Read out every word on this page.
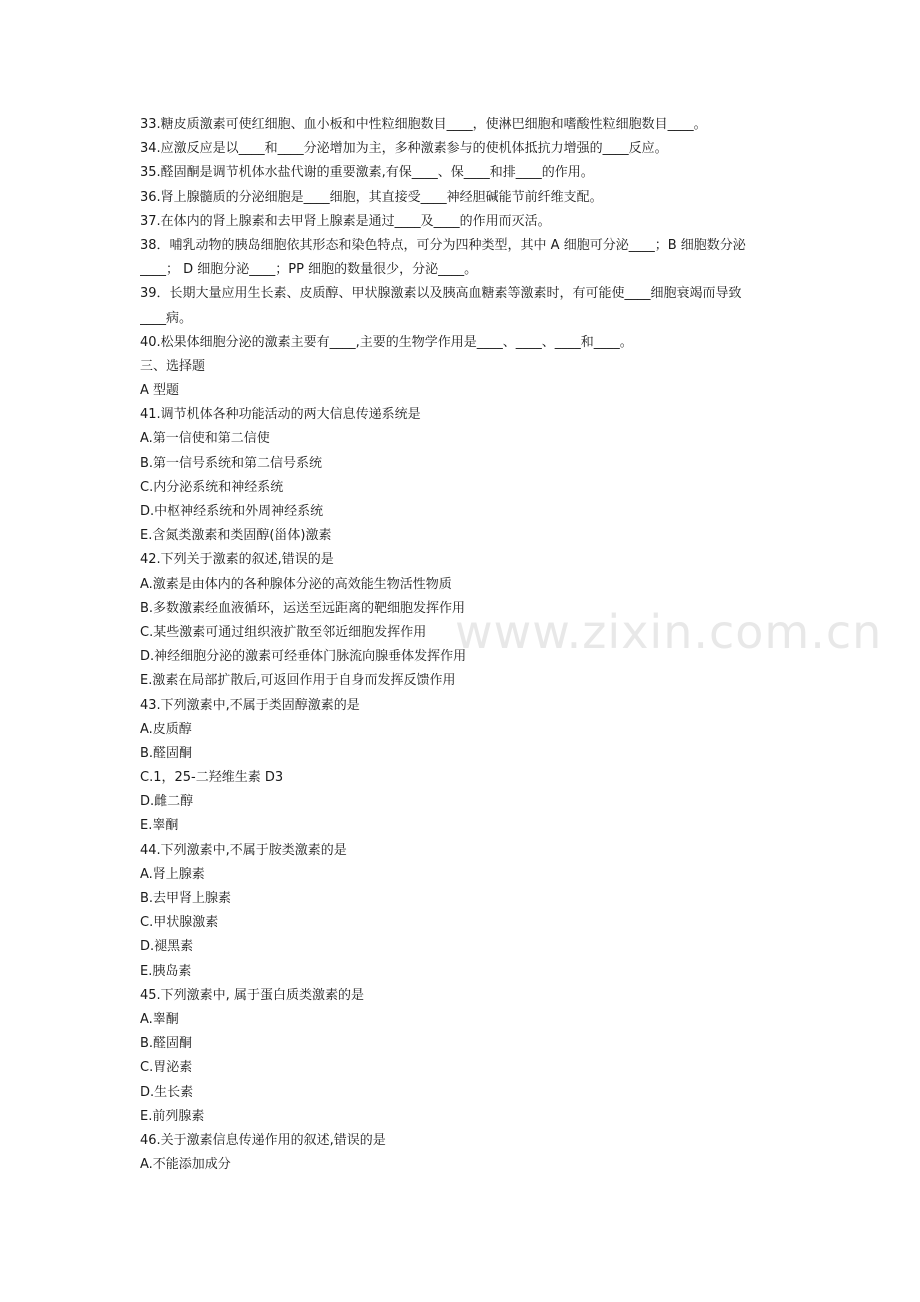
www.zixin.com.cn
33.糖皮质激素可使红细胞、血小板和中性粒细胞数目____，使淋巴细胞和嗜酸性粒细胞数目____。
34.应激反应是以____和____分泌增加为主，多种激素参与的使机体抵抗力增强的____反应。
35.醛固酮是调节机体水盐代谢的重要激素,有保____、保____和排____的作用。
36.肾上腺髓质的分泌细胞是____细胞，其直接受____神经胆碱能节前纤维支配。
37.在体内的肾上腺素和去甲肾上腺素是通过____及____的作用而灭活。
38．哺乳动物的胰岛细胞依其形态和染色特点，可分为四种类型，其中 A 细胞可分泌____；B 细胞数分泌
____； D 细胞分泌____；PP 细胞的数量很少，分泌____。
39．长期大量应用生长素、皮质醇、甲状腺激素以及胰高血糖素等激素时，有可能使____细胞衰竭而导致
____病。
40.松果体细胞分泌的激素主要有____,主要的生物学作用是____、____、____和____。
三、选择题
A 型题
41.调节机体各种功能活动的两大信息传递系统是
A.第一信使和第二信使
B.第一信号系统和第二信号系统
C.内分泌系统和神经系统
D.中枢神经系统和外周神经系统
E.含氮类激素和类固醇(甾体)激素
42.下列关于激素的叙述,错误的是
A.激素是由体内的各种腺体分泌的高效能生物活性物质
B.多数激素经血液循环，运送至远距离的靶细胞发挥作用
C.某些激素可通过组织液扩散至邻近细胞发挥作用
D.神经细胞分泌的激素可经垂体门脉流向腺垂体发挥作用
E.激素在局部扩散后,可返回作用于自身而发挥反馈作用
43.下列激素中,不属于类固醇激素的是
A.皮质醇
B.醛固酮
C.1，25-二羟维生素 D3
D.雌二醇
E.睾酮
44.下列激素中,不属于胺类激素的是
A.肾上腺素
B.去甲肾上腺素
C.甲状腺激素
D.褪黑素
E.胰岛素
45.下列激素中, 属于蛋白质类激素的是
A.睾酮
B.醛固酮
C.胃泌素
D.生长素
E.前列腺素
46.关于激素信息传递作用的叙述,错误的是
A.不能添加成分
